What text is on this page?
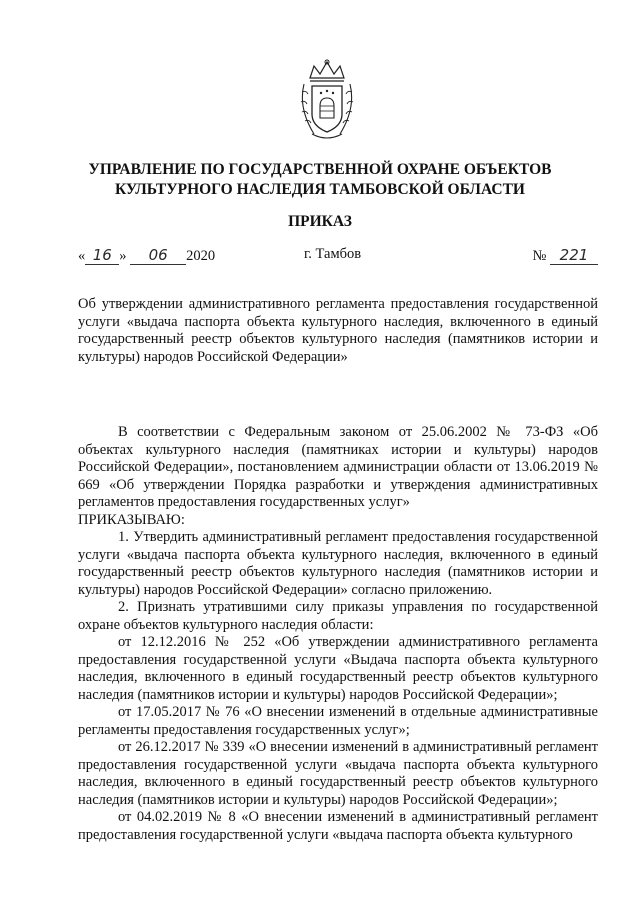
УПРАВЛЕНИЕ ПО ГОСУДАРСТВЕННОЙ ОХРАНЕ ОБЪЕКТОВ
КУЛЬТУРНОГО НАСЛЕДИЯ ТАМБОВСКОЙ ОБЛАСТИ
ПРИКАЗ
« 16 » 06 2020	г. Тамбов	№ 221
Об утверждении административного регламента предоставления государственной услуги «выдача паспорта объекта культурного наследия, включенного в единый государственный реестр объектов культурного наследия (памятников истории и культуры) народов Российской Федерации»

В соответствии с Федеральным законом от 25.06.2002 № 73-ФЗ «Об объектах культурного наследия (памятниках истории и культуры) народов Российской Федерации», постановлением администрации области от 13.06.2019 № 669 «Об утверждении Порядка разработки и утверждения административных регламентов предоставления государственных услуг»

ПРИКАЗЫВАЮ:

1. Утвердить административный регламент предоставления государственной услуги «выдача паспорта объекта культурного наследия, включенного в единый государственный реестр объектов культурного наследия (памятников истории и культуры) народов Российской Федерации» согласно приложению.

2. Признать утратившими силу приказы управления по государственной охране объектов культурного наследия области:

от 12.12.2016 № 252 «Об утверждении административного регламента предоставления государственной услуги «Выдача паспорта объекта культурного наследия, включенного в единый государственный реестр объектов культурного наследия (памятников истории и культуры) народов Российской Федерации»;

от 17.05.2017 № 76 «О внесении изменений в отдельные административные регламенты предоставления государственных услуг»;

от 26.12.2017 № 339 «О внесении изменений в административный регламент предоставления государственной услуги «выдача паспорта объекта культурного наследия, включенного в единый государственный реестр объектов культурного наследия (памятников истории и культуры) народов Российской Федерации»;

от 04.02.2019 № 8 «О внесении изменений в административный регламент предоставления государственной услуги «выдача паспорта объекта культурного
